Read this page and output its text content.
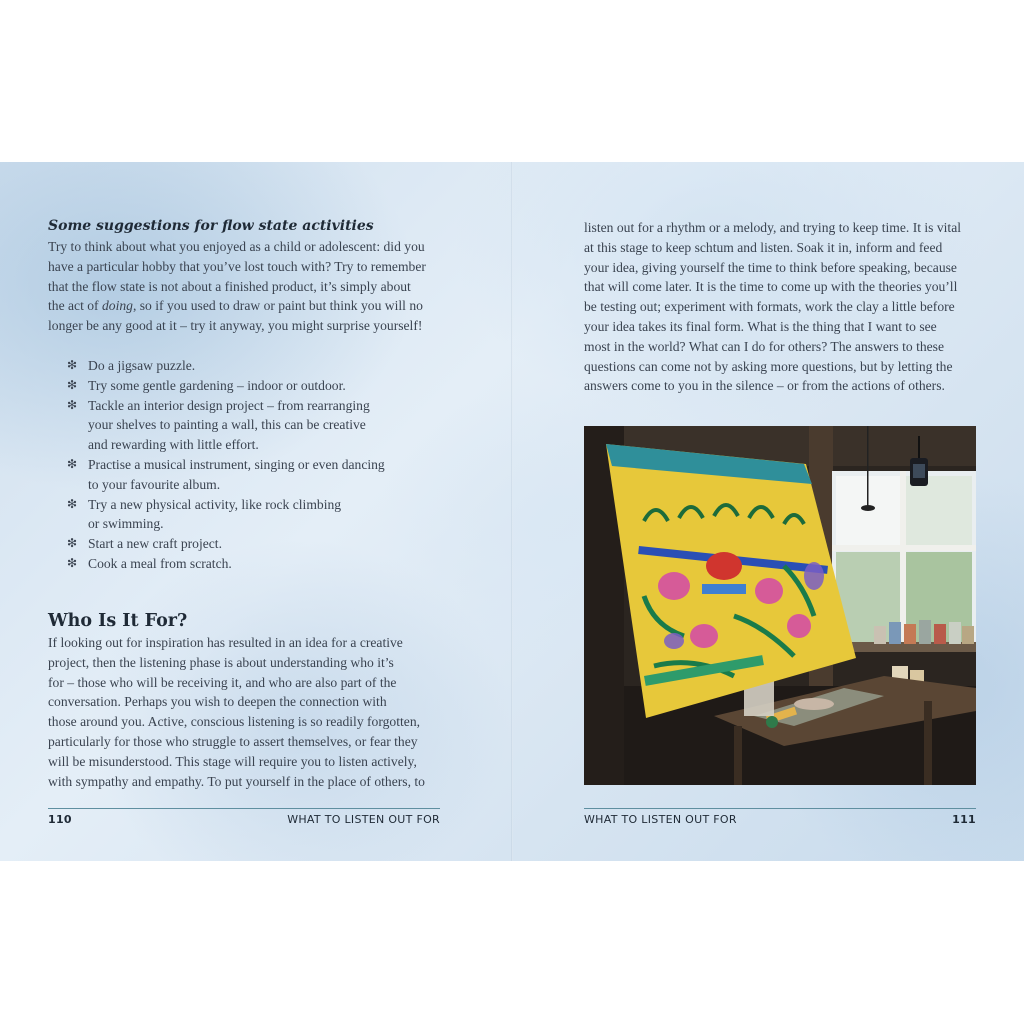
Some suggestions for flow state activities
Try to think about what you enjoyed as a child or adolescent: did you
have a particular hobby that you’ve lost touch with? Try to remember
that the flow state is not about a finished product, it’s simply about
the act of doing, so if you used to draw or paint but think you will no
longer be any good at it – try it anyway, you might surprise yourself!
❇ Do a jigsaw puzzle.
❇ Try some gentle gardening – indoor or outdoor.
❇ Tackle an interior design project – from rearranging
your shelves to painting a wall, this can be creative
and rewarding with little effort.
❇ Practise a musical instrument, singing or even dancing
to your favourite album.
❇ Try a new physical activity, like rock climbing
or swimming.
❇ Start a new craft project.
❇ Cook a meal from scratch.
Who Is It For?
If looking out for inspiration has resulted in an idea for a creative
project, then the listening phase is about understanding who it’s
for – those who will be receiving it, and who are also part of the
conversation. Perhaps you wish to deepen the connection with
those around you. Active, conscious listening is so readily forgotten,
particularly for those who struggle to assert themselves, or fear they
will be misunderstood. This stage will require you to listen actively,
with sympathy and empathy. To put yourself in the place of others, to
110	WHAT TO LISTEN OUT FOR
listen out for a rhythm or a melody, and trying to keep time. It is vital
at this stage to keep schtum and listen. Soak it in, inform and feed
your idea, giving yourself the time to think before speaking, because
that will come later. It is the time to come up with the theories you’ll
be testing out; experiment with formats, work the clay a little before
your idea takes its final form. What is the thing that I want to see
most in the world? What can I do for others? The answers to these
questions can come not by asking more questions, but by letting the
answers come to you in the silence – or from the actions of others.
WHAT TO LISTEN OUT FOR	111
